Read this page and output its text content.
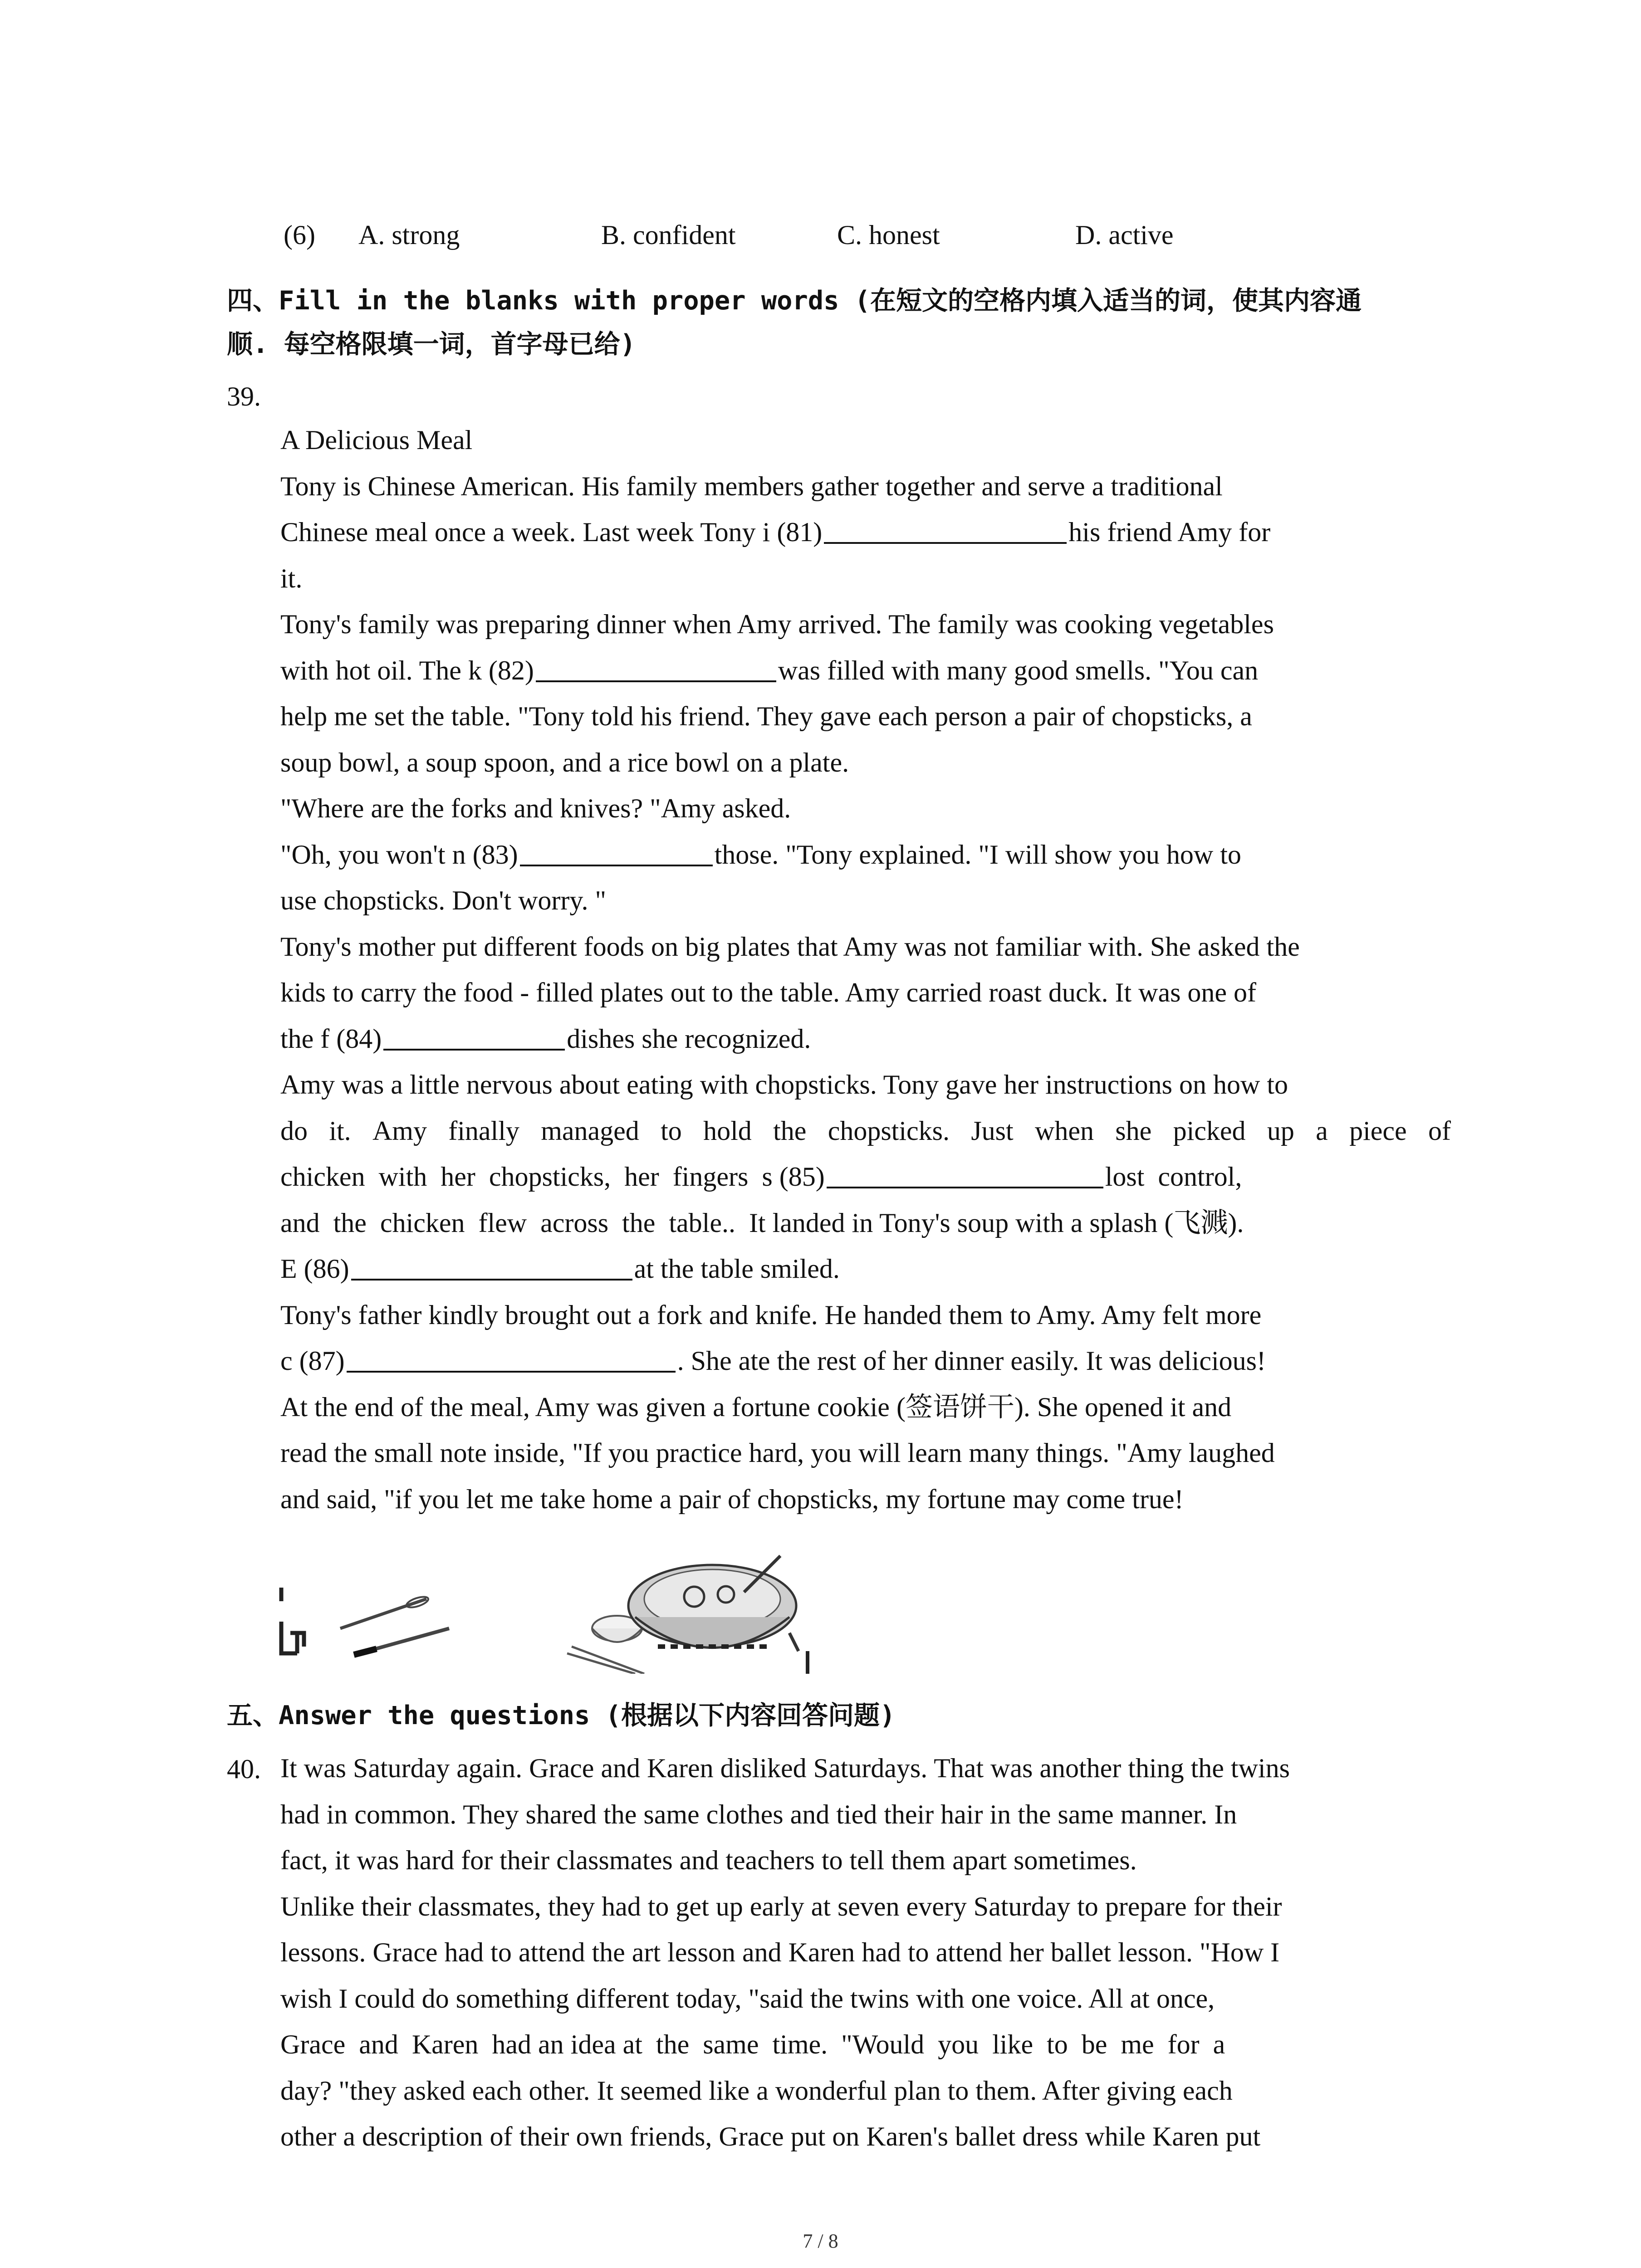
(6) A. strong	B. confident	C. honest	D. active
四、Fill in the blanks with proper words (在短文的空格内填入适当的词，使其内容通
顺. 每空格限填一词，首字母已给)
39.
A Delicious Meal
Tony is Chinese American. His family members gather together and serve a traditional
Chinese meal once a week. Last week Tony i (81)	his friend Amy for
it.
Tony's family was preparing dinner when Amy arrived. The family was cooking vegetables
with hot oil. The k (82)	was filled with many good smells. "You can
help me set the table. "Tony told his friend. They gave each person a pair of chopsticks, a
soup bowl, a soup spoon, and a rice bowl on a plate.
"Where are the forks and knives? "Amy asked.
"Oh, you won't n (83)	those. "Tony explained. "I will show you how to
use chopsticks. Don't worry. "
Tony's mother put different foods on big plates that Amy was not familiar with. She asked the
kids to carry the food - filled plates out to the table. Amy carried roast duck. It was one of
the f (84)	dishes she recognized.
Amy was a little nervous about eating with chopsticks. Tony gave her instructions on how to
do it. Amy finally managed to hold the chopsticks. Just when she picked up a piece of
chicken  with  her  chopsticks,  her  fingers  s (85)	lost  control,
and  the  chicken  flew  across  the  table..  It landed in Tony's soup with a splash (飞溅).
E (86)	at the table smiled.
Tony's father kindly brought out a fork and knife. He handed them to Amy. Amy felt more
c (87)	. She ate the rest of her dinner easily. It was delicious!
At the end of the meal, Amy was given a fortune cookie (签语饼干). She opened it and
read the small note inside, "If you practice hard, you will learn many things. "Amy laughed
and said, "if you let me take home a pair of chopsticks, my fortune may come true!
五、Answer the questions (根据以下内容回答问题)
40. It was Saturday again. Grace and Karen disliked Saturdays. That was another thing the twins
had in common. They shared the same clothes and tied their hair in the same manner. In
fact, it was hard for their classmates and teachers to tell them apart sometimes.
Unlike their classmates, they had to get up early at seven every Saturday to prepare for their
lessons. Grace had to attend the art lesson and Karen had to attend her ballet lesson. "How I
wish I could do something different today, "said the twins with one voice. All at once,
Grace  and  Karen  had an idea at  the  same  time.  "Would  you  like  to  be  me  for  a
day? "they asked each other. It seemed like a wonderful plan to them. After giving each
other a description of their own friends, Grace put on Karen's ballet dress while Karen put
7 / 8
